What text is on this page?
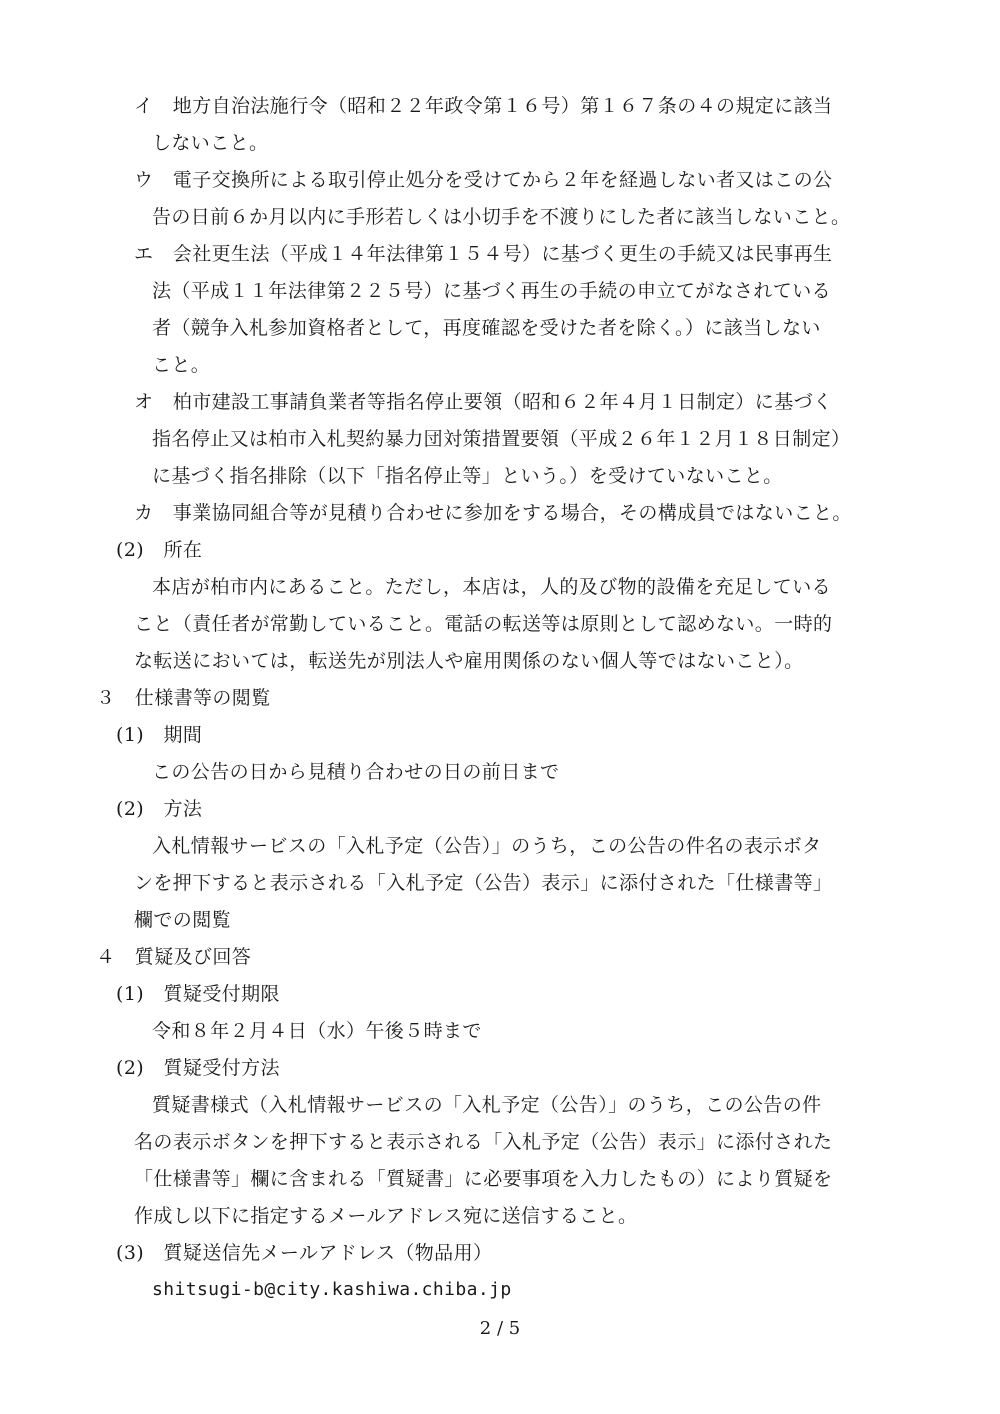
イ　地方自治法施行令（昭和２２年政令第１６号）第１６７条の４の規定に該当
しないこと。
ウ　電子交換所による取引停止処分を受けてから２年を経過しない者又はこの公
告の日前６か月以内に手形若しくは小切手を不渡りにした者に該当しないこと。
エ　会社更生法（平成１４年法律第１５４号）に基づく更生の手続又は民事再生
法（平成１１年法律第２２５号）に基づく再生の手続の申立てがなされている
者（競争入札参加資格者として，再度確認を受けた者を除く。）に該当しない
こと。
オ　柏市建設工事請負業者等指名停止要領（昭和６２年４月１日制定）に基づく
指名停止又は柏市入札契約暴力団対策措置要領（平成２６年１２月１８日制定）
に基づく指名排除（以下「指名停止等」という。）を受けていないこと。
カ　事業協同組合等が見積り合わせに参加をする場合，その構成員ではないこと。
(2)　所在
本店が柏市内にあること。ただし，本店は，人的及び物的設備を充足している
こと（責任者が常勤していること。電話の転送等は原則として認めない。一時的
な転送においては，転送先が別法人や雇用関係のない個人等ではないこと）。
３　仕様書等の閲覧
(1)　期間
この公告の日から見積り合わせの日の前日まで
(2)　方法
入札情報サービスの「入札予定（公告）」のうち，この公告の件名の表示ボタ
ンを押下すると表示される「入札予定（公告）表示」に添付された「仕様書等」
欄での閲覧
４　質疑及び回答
(1)　質疑受付期限
令和８年２月４日（水）午後５時まで
(2)　質疑受付方法
質疑書様式（入札情報サービスの「入札予定（公告）」のうち，この公告の件
名の表示ボタンを押下すると表示される「入札予定（公告）表示」に添付された
「仕様書等」欄に含まれる「質疑書」に必要事項を入力したもの）により質疑を
作成し以下に指定するメールアドレス宛に送信すること。
(3)　質疑送信先メールアドレス（物品用）
shitsugi-b@city.kashiwa.chiba.jp
2 / 5
